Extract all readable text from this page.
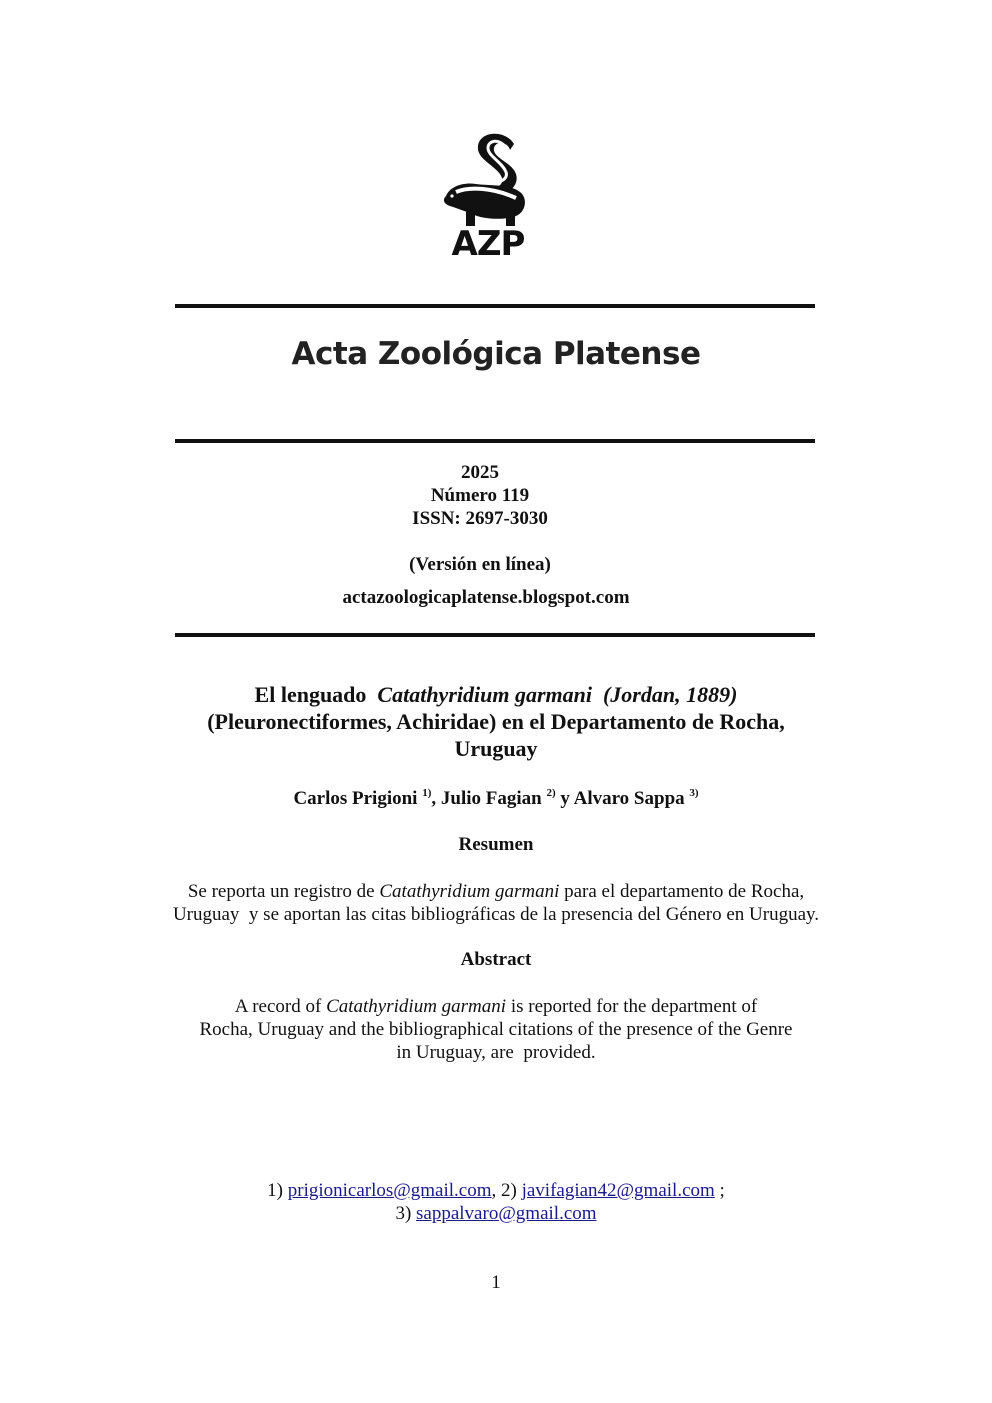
AZP
Acta Zoológica Platense
2025
Número 119
ISSN: 2697-3030
(Versión en línea)
actazoologicaplatense.blogspot.com
El lenguado Catathyridium garmani (Jordan, 1889)
(Pleuronectiformes, Achiridae) en el Departamento de Rocha,
Uruguay
Carlos Prigioni $^{1)}$, Julio Fagian $^{2)}$ y Alvaro Sappa $^{3)}$
Resumen
Se reporta un registro de Catathyridium garmani para el departamento de Rocha,
Uruguay  y se aportan las citas bibliográficas de la presencia del Género en Uruguay.
Abstract
A record of Catathyridium garmani is reported for the department of
Rocha, Uruguay and the bibliographical citations of the presence of the Genre
in Uruguay, are  provided.
1) prigionicarlos@gmail.com, 2) javifagian42@gmail.com ;
3) sappalvaro@gmail.com
1
